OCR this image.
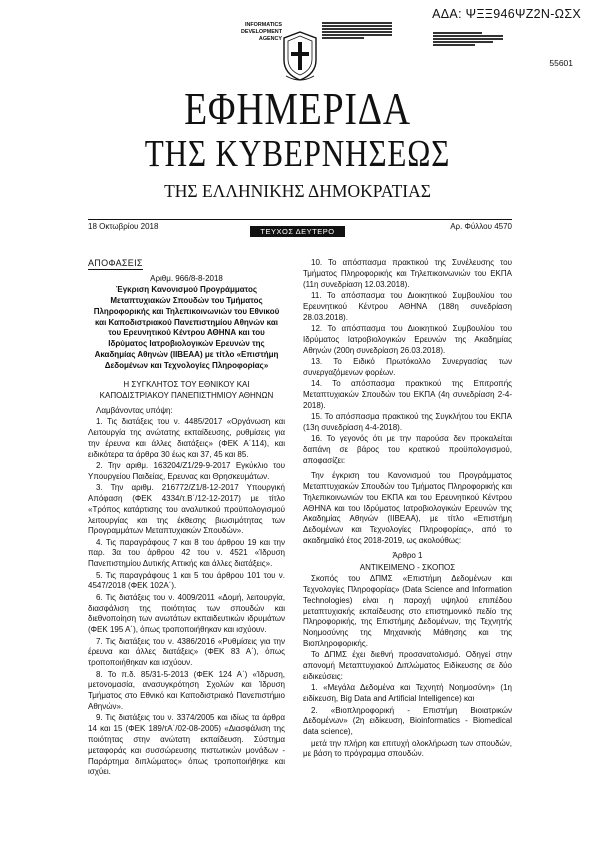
ΑΔΑ: ΨΞΞ946ΨΖ2Ν-ΩΣΧ
INFORMATICS DEVELOPMENT AGENCY
55601
ΕΦΗΜΕΡΙΔΑ
ΤΗΣ ΚΥΒΕΡΝΗΣΕΩΣ
ΤΗΣ ΕΛΛΗΝΙΚΗΣ ΔΗΜΟΚΡΑΤΙΑΣ
18 Οκτωβρίου 2018
ΤΕΥΧΟΣ ΔΕΥΤΕΡΟ
Αρ. Φύλλου 4570

ΑΠΟΦΑΣΕΙΣ

Αριθμ. 966/8-8-2018

Έγκριση Κανονισμού Προγράμματος Μεταπτυχιακών Σπουδών του Τμήματος Πληροφορικής και Τηλεπικοινωνιών του Εθνικού και Καποδιστριακού Πανεπιστημίου Αθηνών και του Ερευνητικού Κέντρου ΑΘΗΝΑ και του Ιδρύματος Ιατροβιολογικών Ερευνών της Ακαδημίας Αθηνών (ΙΙΒΕΑΑ) με τίτλο «Επιστήμη Δεδομένων και Τεχνολογίες Πληροφορίας»

Η ΣΥΓΚΛΗΤΟΣ ΤΟΥ ΕΘΝΙΚΟΥ ΚΑΙ ΚΑΠΟΔΙΣΤΡΙΑΚΟΥ ΠΑΝΕΠΙΣΤΗΜΙΟΥ ΑΘΗΝΩΝ

Λαμβάνοντας υπόψη:

1. Τις διατάξεις του ν. 4485/2017 «Οργάνωση και Λειτουργία της ανώτατης εκπαίδευσης, ρυθμίσεις για την έρευνα και άλλες διατάξεις» (ΦΕΚ Α΄114), και ειδικότερα τα άρθρα 30 έως και 37, 45 και 85.

2. Την αριθμ. 163204/Ζ1/29-9-2017 Εγκύκλιο του Υπουργείου Παιδείας, Ερευνας και Θρησκευμάτων.

3. Την αριθμ. 216772/Ζ1/8-12-2017 Υπουργική Απόφαση (ΦΕΚ 4334/τ.Β΄/12-12-2017) με τίτλο «Τρόπος κατάρτισης του αναλυτικού προϋπολογισμού λειτουργίας και της έκθεσης βιωσιμότητας των Προγραμμάτων Μεταπτυχιακών Σπουδών».

4. Τις παραγράφους 7 και 8 του άρθρου 19 και την παρ. 3α του άρθρου 42 του ν. 4521 «Ίδρυση Πανεπιστημίου Δυτικής Αττικής και άλλες διατάξεις».

5. Τις παραγράφους 1 και 5 του άρθρου 101 του ν. 4547/2018 (ΦΕΚ 102Α΄).

6. Τις διατάξεις του ν. 4009/2011 «Δομή, λειτουργία, διασφάλιση της ποιότητας των σπουδών και διεθνοποίηση των ανωτάτων εκπαιδευτικών ιδρυμάτων (ΦΕΚ 195 Α΄), όπως τροποποιήθηκαν και ισχύουν.

7. Τις διατάξεις του ν. 4386/2016 «Ρυθμίσεις για την έρευνα και άλλες διατάξεις» (ΦΕΚ 83 Α΄), όπως τροποποιήθηκαν και ισχύουν.

8. Το π.δ. 85/31-5-2013 (ΦΕΚ 124 Α΄) «Ίδρυση, μετονομασία, ανασυγκρότηση Σχολών και Ίδρυση Τμήματος στο Εθνικό και Καποδιστριακό Πανεπιστήμιο Αθηνών».

9. Τις διατάξεις του ν. 3374/2005 και ιδίως τα άρθρα 14 και 15 (ΦΕΚ 189/τΑ΄/02-08-2005) «Διασφάλιση της ποιότητας στην ανώτατη εκπαίδευση. Σύστημα μεταφοράς και συσσώρευσης πιστωτικών μονάδων - Παράρτημα διπλώματος» όπως τροποποιήθηκε και ισχύει.

10. Το απόσπασμα πρακτικού της Συνέλευσης του Τμήματος Πληροφορικής και Τηλεπικοινωνιών του ΕΚΠΑ (11η συνεδρίαση 12.03.2018).

11. Το απόσπασμα του Διοικητικού Συμβουλίου του Ερευνητικού Κέντρου ΑΘΗΝΑ (188η συνεδρίαση 28.03.2018).

12. Το απόσπασμα του Διοικητικού Συμβουλίου του Ιδρύματος Ιατροβιολογικών Ερευνών της Ακαδημίας Αθηνών (200η συνεδρίαση 26.03.2018).

13. Το Ειδικό Πρωτόκολλο Συνεργασίας των συνεργαζόμενων φορέων.

14. Το απόσπασμα πρακτικού της Επιτροπής Μεταπτυχιακών Σπουδών του ΕΚΠΑ (4η συνεδρίαση 2-4-2018).

15. Το απόσπασμα πρακτικού της Συγκλήτου του ΕΚΠΑ (13η συνεδρίαση 4-4-2018).

16. Το γεγονός ότι με την παρούσα δεν προκαλείται δαπάνη σε βάρος του κρατικού προϋπολογισμού, αποφασίζει:

Την έγκριση του Κανονισμού του Προγράμματος Μεταπτυχιακών Σπουδών του Τμήματος Πληροφορικής και Τηλεπικοινωνιών του ΕΚΠΑ και του Ερευνητικού Κέντρου ΑΘΗΝΑ και του Ιδρύματος Ιατροβιολογικών Ερευνών της Ακαδημίας Αθηνών (ΙΙΒΕΑΑ), με τίτλο «Επιστήμη Δεδομένων και Τεχνολογίες Πληροφορίας», από το ακαδημαϊκό έτος 2018-2019, ως ακολούθως:

Άρθρο 1

ΑΝΤΙΚΕΙΜΕΝΟ - ΣΚΟΠΟΣ

Σκοπός του ΔΠΜΣ «Επιστήμη Δεδομένων και Τεχνολογίες Πληροφορίας» (Data Science and Information Technologies) είναι η παροχή υψηλού επιπέδου μεταπτυχιακής εκπαίδευσης στο επιστημονικό πεδίο της Πληροφορικής, της Επιστήμης Δεδομένων, της Τεχνητής Νοημοσύνης της Μηχανικής Μάθησης και της Βιοπληροφορικής.

Το ΔΠΜΣ έχει διεθνή προσανατολισμό. Οδηγεί στην απονομή Μεταπτυχιακού Διπλώματος Ειδίκευσης σε δύο ειδικεύσεις:

1. «Μεγάλα Δεδομένα και Τεχνητή Νοημοσύνη» (1η ειδίκευση, Big Data and Artificial Intelligence) και

2. «Βιοπληροφορική - Επιστήμη Βιοιατρικών Δεδομένων» (2η ειδίκευση, Bioinformatics - Biomedical data science),

μετά την πλήρη και επιτυχή ολοκλήρωση των σπουδών, με βάση το πρόγραμμα σπουδών.
